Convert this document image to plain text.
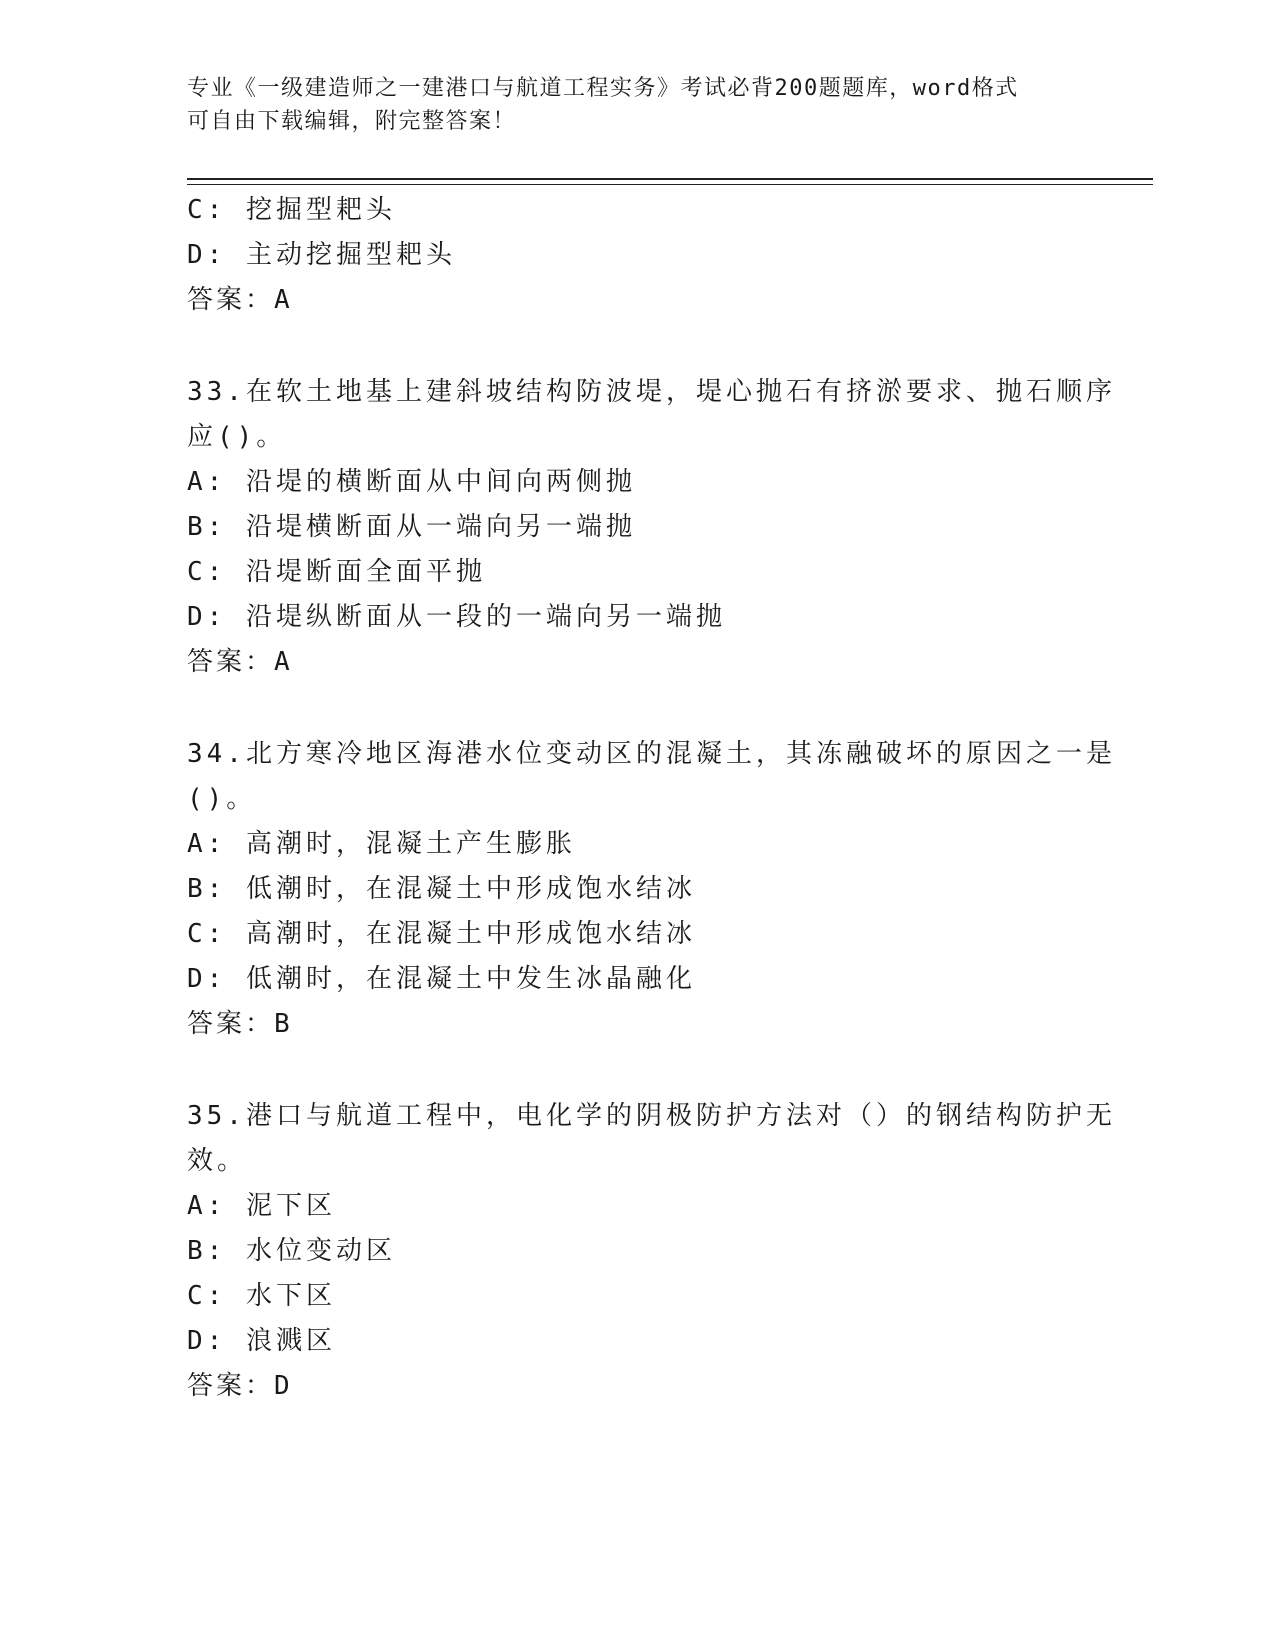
专业《一级建造师之一建港口与航道工程实务》考试必背200题题库，word格式
可自由下载编辑，附完整答案！
C: 挖掘型耙头
D: 主动挖掘型耙头
答案：A
33.在软土地基上建斜坡结构防波堤，堤心抛石有挤淤要求、抛石顺序
应()。
A: 沿堤的横断面从中间向两侧抛
B: 沿堤横断面从一端向另一端抛
C: 沿堤断面全面平抛
D: 沿堤纵断面从一段的一端向另一端抛
答案：A
34.北方寒冷地区海港水位变动区的混凝土，其冻融破坏的原因之一是
()。
A: 高潮时，混凝土产生膨胀
B: 低潮时，在混凝土中形成饱水结冰
C: 高潮时，在混凝土中形成饱水结冰
D: 低潮时，在混凝土中发生冰晶融化
答案：B
35.港口与航道工程中，电化学的阴极防护方法对（）的钢结构防护无
效。
A: 泥下区
B: 水位变动区
C: 水下区
D: 浪溅区
答案：D
